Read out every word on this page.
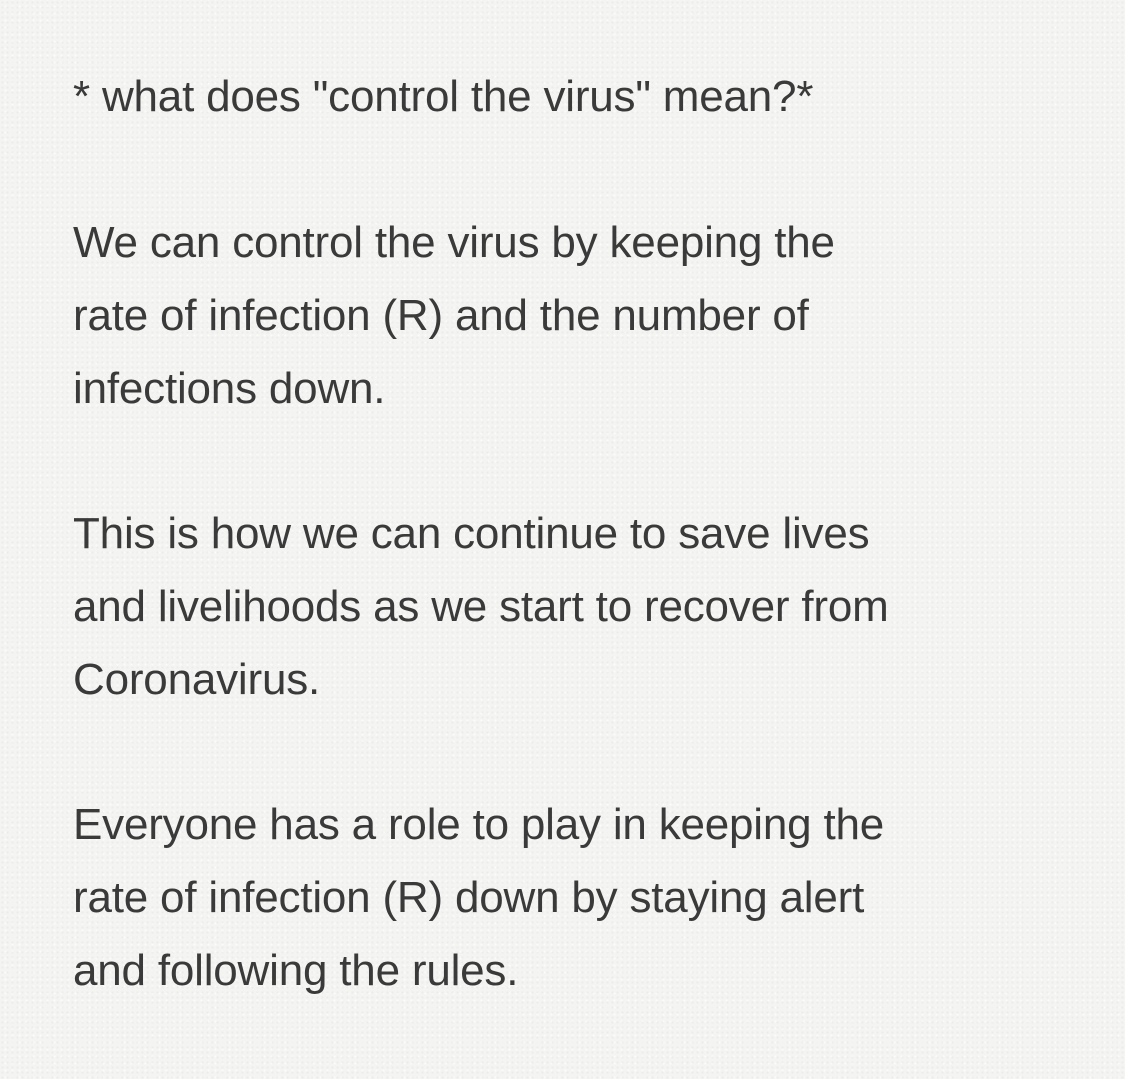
* what does "control the virus" mean?*

We can control the virus by keeping the
rate of infection (R) and the number of
infections down.

This is how we can continue to save lives
and livelihoods as we start to recover from
Coronavirus.

Everyone has a role to play in keeping the
rate of infection (R) down by staying alert
and following the rules.
